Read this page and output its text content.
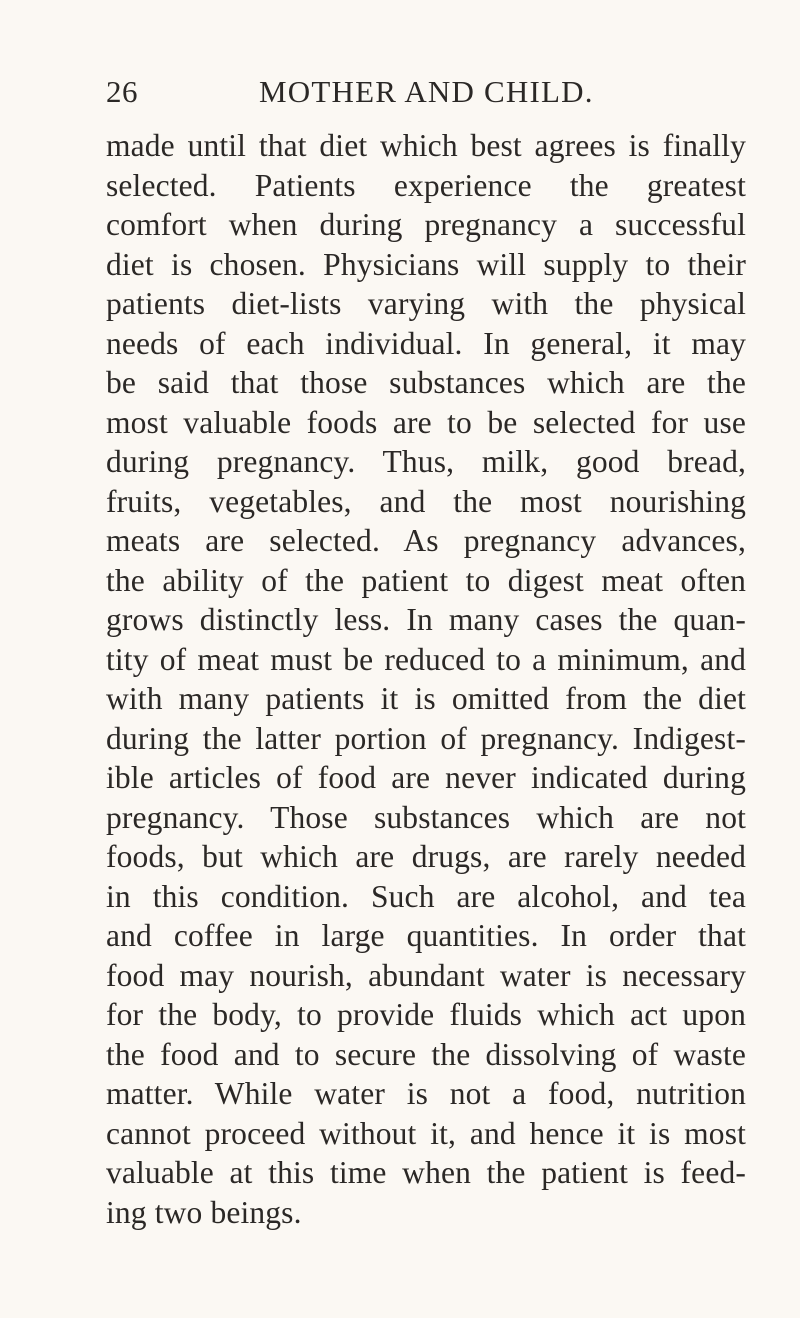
26	MOTHER AND CHILD.
made until that diet which best agrees is finally
selected. Patients experience the greatest
comfort when during pregnancy a successful
diet is chosen. Physicians will supply to their
patients diet-lists varying with the physical
needs of each individual. In general, it may
be said that those substances which are the
most valuable foods are to be selected for use
during pregnancy. Thus, milk, good bread,
fruits, vegetables, and the most nourishing
meats are selected. As pregnancy advances,
the ability of the patient to digest meat often
grows distinctly less. In many cases the quan-
tity of meat must be reduced to a minimum, and
with many patients it is omitted from the diet
during the latter portion of pregnancy. Indigest-
ible articles of food are never indicated during
pregnancy. Those substances which are not
foods, but which are drugs, are rarely needed
in this condition. Such are alcohol, and tea
and coffee in large quantities. In order that
food may nourish, abundant water is necessary
for the body, to provide fluids which act upon
the food and to secure the dissolving of waste
matter. While water is not a food, nutrition
cannot proceed without it, and hence it is most
valuable at this time when the patient is feed-
ing two beings.
